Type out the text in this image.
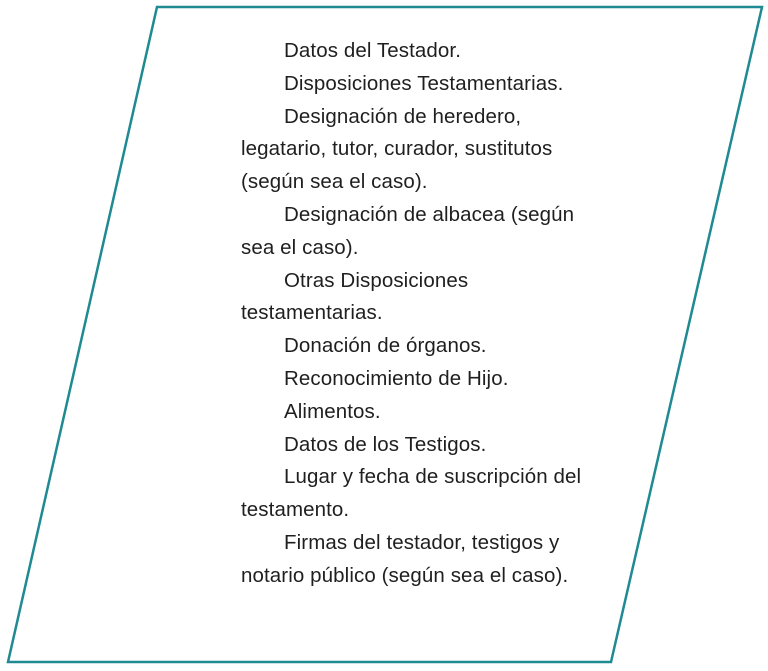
Datos del Testador.

Disposiciones Testamentarias.

Designación de heredero, legatario, tutor, curador, sustitutos (según sea el caso).

Designación de albacea (según sea el caso).

Otras Disposiciones testamentarias.

Donación de órganos.

Reconocimiento de Hijo.

Alimentos.

Datos de los Testigos.

Lugar y fecha de suscripción del testamento.

Firmas del testador, testigos y notario público (según sea el caso).
